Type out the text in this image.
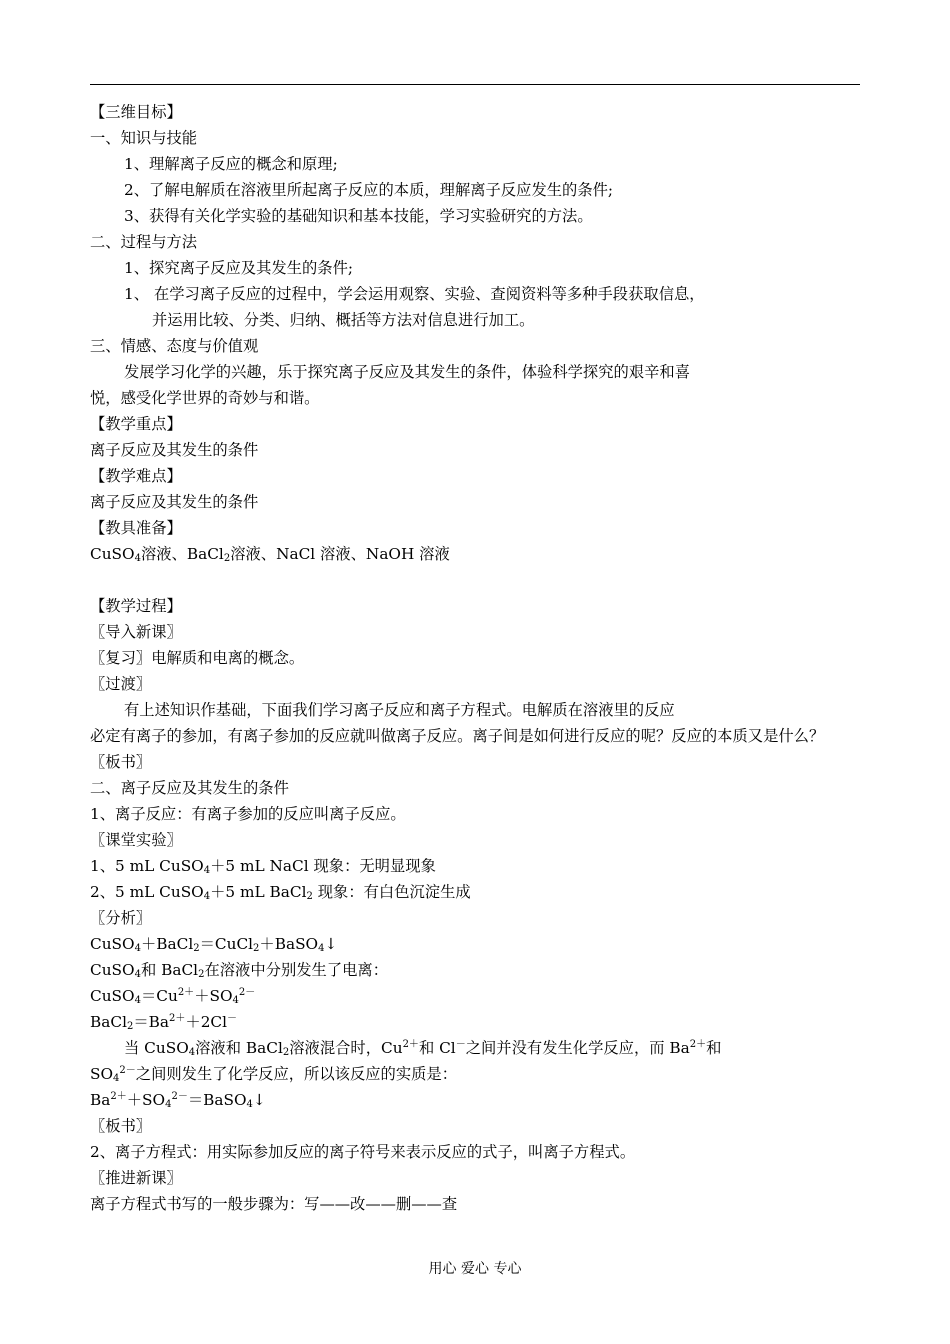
【三维目标】
一、知识与技能
1、理解离子反应的概念和原理;
2、了解电解质在溶液里所起离子反应的本质，理解离子反应发生的条件;
3、获得有关化学实验的基础知识和基本技能，学习实验研究的方法。
二、过程与方法
1、探究离子反应及其发生的条件;
1、 在学习离子反应的过程中，学会运用观察、实验、查阅资料等多种手段获取信息，
并运用比较、分类、归纳、概括等方法对信息进行加工。
三、情感、态度与价值观
发展学习化学的兴趣，乐于探究离子反应及其发生的条件，体验科学探究的艰辛和喜
悦，感受化学世界的奇妙与和谐。
【教学重点】
离子反应及其发生的条件
【教学难点】
离子反应及其发生的条件
【教具准备】
CuSO$_4$溶液、BaCl$_2$溶液、NaCl 溶液、NaOH 溶液
【教学过程】
〖导入新课〗
〖复习〗电解质和电离的概念。
〖过渡〗
有上述知识作基础，下面我们学习离子反应和离子方程式。电解质在溶液里的反应
必定有离子的参加，有离子参加的反应就叫做离子反应。离子间是如何进行反应的呢？反应的本质又是什么？
〖板书〗
二、离子反应及其发生的条件
1、离子反应：有离子参加的反应叫离子反应。
〖课堂实验〗
1、5 mL CuSO$_4$＋5 mL NaCl 现象：无明显现象
2、5 mL CuSO$_4$＋5 mL BaCl$_2$ 现象：有白色沉淀生成
〖分析〗
CuSO$_4$＋BaCl$_2$＝CuCl$_2$＋BaSO$_4$↓
CuSO$_4$和 BaCl$_2$在溶液中分别发生了电离：
$CuSO_4=Cu^{2+}+SO_4^{2-}$
$BaCl_2=Ba^{2+}+2Cl^-$
当 CuSO$_4$溶液和 BaCl$_2$溶液混合时，$Cu^{2+}$和 Cl－之间并没有发生化学反应，而 $Ba^{2+}$和
$SO_4^{2-}$之间则发生了化学反应，所以该反应的实质是：
$Ba^{2+}+SO_4^{2-}=BaSO_4↓$
〖板书〗
2、离子方程式：用实际参加反应的离子符号来表示反应的式子，叫离子方程式。
〖推进新课〗
离子方程式书写的一般步骤为：写——改——删——查
用心 爱心 专心
